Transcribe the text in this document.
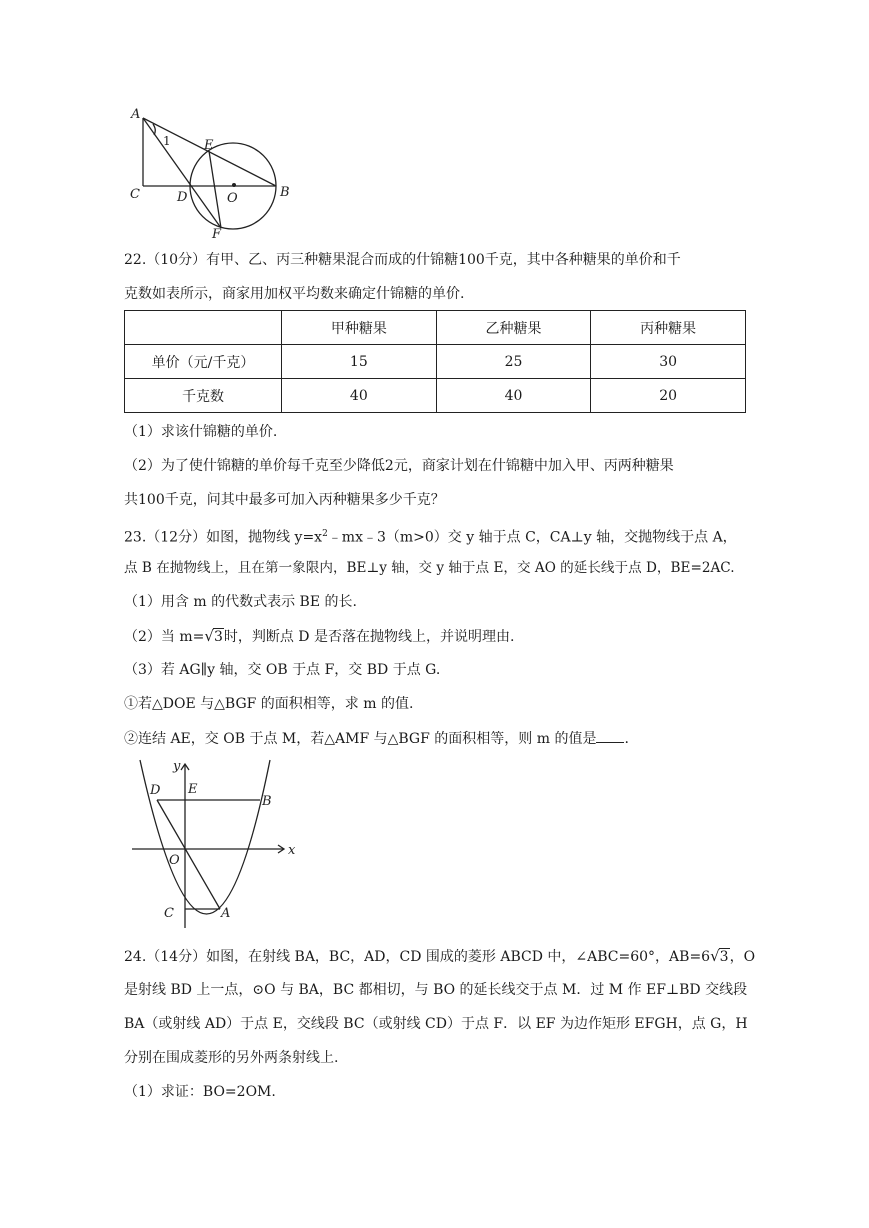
A
1	E
C	D	O	B
F
22.（10分）有甲、乙、丙三种糖果混合而成的什锦糖100千克，其中各种糖果的单价和千
克数如表所示，商家用加权平均数来确定什锦糖的单价.
	甲种糖果	乙种糖果	丙种糖果
单价（元/千克）	15	25	30
千克数	40	40	20
（1）求该什锦糖的单价.
（2）为了使什锦糖的单价每千克至少降低2元，商家计划在什锦糖中加入甲、丙两种糖果
共100千克，问其中最多可加入丙种糖果多少千克？
23.（12分）如图，抛物线 $y=x^2﹣mx﹣3(m>0)$交 y 轴于点 C，CA⊥y 轴，交抛物线于点 A，
点 B 在抛物线上，且在第一象限内，BE⊥y 轴，交 y 轴于点 E，交 AO 的延长线于点 D，BE=2AC.
（1）用含 m 的代数式表示 BE 的长.
（2）当 m=√3时，判断点 D 是否落在抛物线上，并说明理由.
（3）若 AG∥y 轴，交 OB 于点 F，交 BD 于点 G.
①若△DOE 与△BGF 的面积相等，求 m 的值.
②连结 AE，交 OB 于点 M，若△AMF 与△BGF 的面积相等，则 m 的值是 .
y
D E
B
O
x
C	A
24.（14分）如图，在射线 BA，BC，AD，CD 围成的菱形 ABCD 中，∠ABC=60°，AB=6√3，O
是射线 BD 上一点，⊙O 与 BA，BC 都相切，与 BO 的延长线交于点 M．过 M 作 EF⊥BD 交线段
BA（或射线 AD）于点 E，交线段 BC（或射线 CD）于点 F．以 EF 为边作矩形 EFGH，点 G，H
分别在围成菱形的另外两条射线上.
（1）求证：BO=2OM.
